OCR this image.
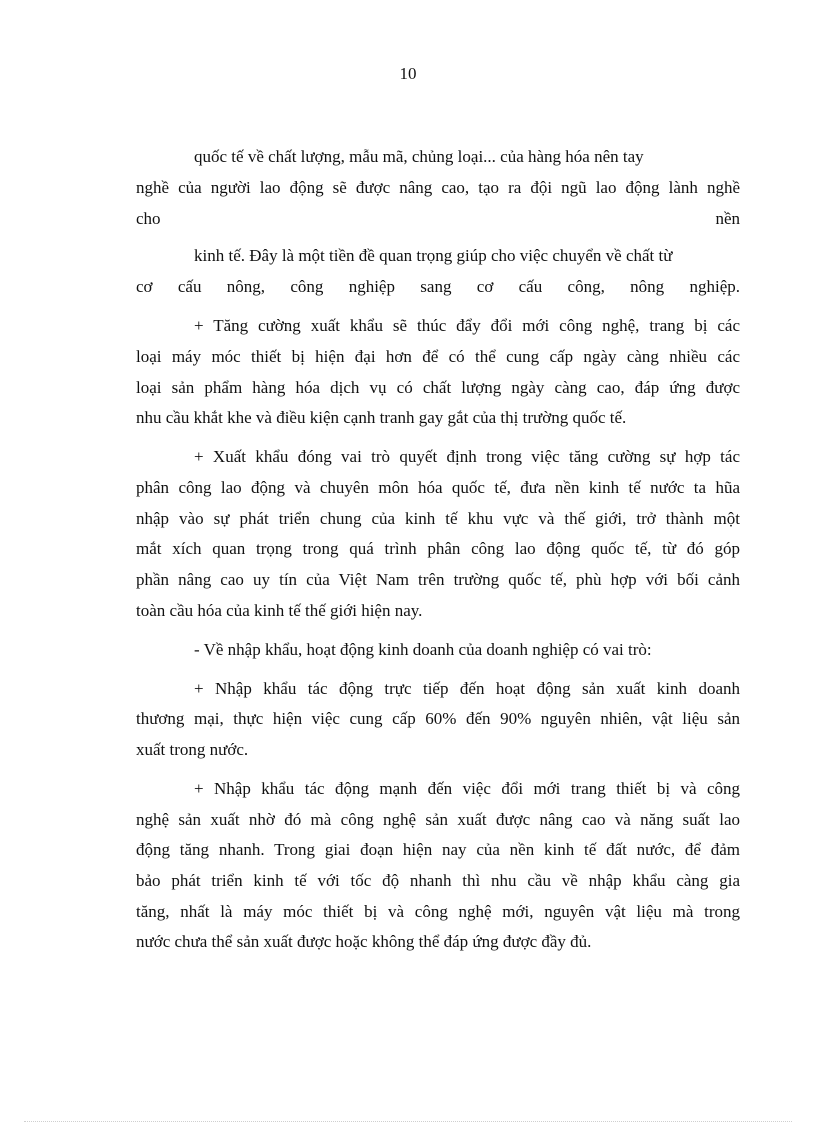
10
quốc tế về chất lượng, mẫu mã, chủng loại... của hàng hóa nên tay
nghề của người lao động sẽ được nâng cao, tạo ra đội ngũ lao động lành nghề
cho	nền
kinh tế. Đây là một tiền đề quan trọng giúp cho việc chuyển về chất từ
cơ cấu nông, công nghiệp sang cơ cấu công, nông nghiệp.
+ Tăng cường xuất khẩu sẽ thúc đẩy đổi mới công nghệ, trang bị các
loại máy móc thiết bị hiện đại hơn để có thể cung cấp ngày càng nhiều các
loại sản phẩm hàng hóa dịch vụ có chất lượng ngày càng cao, đáp ứng được
nhu cầu khắt khe và điều kiện cạnh tranh gay gắt của thị trường quốc tế.
+ Xuất khẩu đóng vai trò quyết định trong việc tăng cường sự hợp tác
phân công lao động và chuyên môn hóa quốc tế, đưa nền kinh tế nước ta hũa
nhập vào sự phát triển chung của kinh tế khu vực và thế giới, trở thành một
mắt xích quan trọng trong quá trình phân công lao động quốc tế, từ đó góp
phần nâng cao uy tín của Việt Nam trên trường quốc tế, phù hợp với bối cảnh
toàn cầu hóa của kinh tế thế giới hiện nay.
- Về nhập khẩu, hoạt động kinh doanh của doanh nghiệp có vai trò:
+ Nhập khẩu tác động trực tiếp đến hoạt động sản xuất kinh doanh
thương mại, thực hiện việc cung cấp 60% đến 90% nguyên nhiên, vật liệu sản
xuất trong nước.
+ Nhập khẩu tác động mạnh đến việc đổi mới trang thiết bị và công
nghệ sản xuất nhờ đó mà công nghệ sản xuất được nâng cao và năng suất lao
động tăng nhanh. Trong giai đoạn hiện nay của nền kinh tế đất nước, để đảm
bảo phát triển kinh tế với tốc độ nhanh thì nhu cầu về nhập khẩu càng gia
tăng, nhất là máy móc thiết bị và công nghệ mới, nguyên vật liệu mà trong
nước chưa thể sản xuất được hoặc không thể đáp ứng được đầy đủ.
